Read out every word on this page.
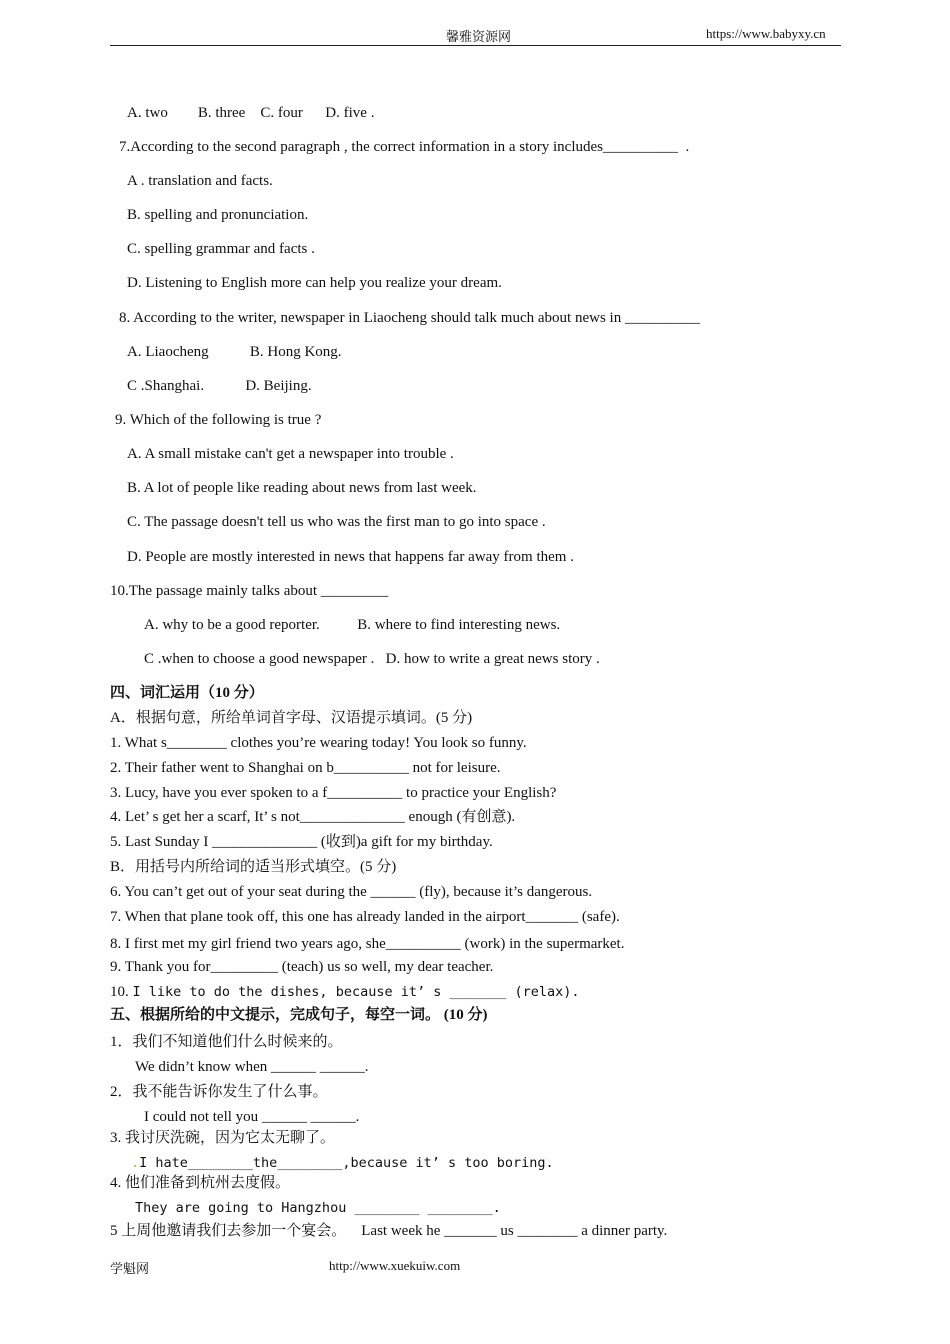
馨雅资源网	https://www.babyxy.cn
A. two        B. three    C. four      D. five .
7.According to the second paragraph , the correct information in a story includes__________  .
A . translation and facts.
B. spelling and pronunciation.
C. spelling grammar and facts .
D. Listening to English more can help you realize your dream.
8. According to the writer, newspaper in Liaocheng should talk much about news in __________
A. Liaocheng           B. Hong Kong.
C .Shanghai.           D. Beijing.
9. Which of the following is true ?
A. A small mistake can't get a newspaper into trouble .
B. A lot of people like reading about news from last week.
C. The passage doesn't tell us who was the first man to go into space .
D. People are mostly interested in news that happens far away from them .
10.The passage mainly talks about _________
A. why to be a good reporter.          B. where to find interesting news.
C .when to choose a good newspaper .   D. how to write a great news story .
四、词汇运用（10 分）
A．根据句意，所给单词首字母、汉语提示填词。(5 分)
1. What s________ clothes you’re wearing today! You look so funny.
2. Their father went to Shanghai on b__________ not for leisure.
3. Lucy, have you ever spoken to a f__________ to practice your English?
4. Let’ s get her a scarf, It’ s not______________ enough (有创意).
5. Last Sunday I ______________ (收到)a gift for my birthday.
B．用括号内所给词的适当形式填空。(5 分)
6. You can’t get out of your seat during the ______ (fly), because it’s dangerous.
7. When that plane took off, this one has already landed in the airport_______ (safe).
8. I first met my girl friend two years ago, she__________ (work) in the supermarket.
9. Thank you for_________ (teach) us so well, my dear teacher.
10. I like to do the dishes, because it’ s _______ (relax).
五、根据所给的中文提示，完成句子，每空一词。 (10 分)
1．我们不知道他们什么时候来的。
We didn’t know when ______ ______.
2．我不能告诉你发生了什么事。
I could not tell you ______ ______.
3. 我讨厌洗碗，因为它太无聊了。
.I hate________the________,because it’ s too boring.
4. 他们准备到杭州去度假。
They are going to Hangzhou ________ ________.
5 上周他邀请我们去参加一个宴会。    Last week he _______ us ________ a dinner party.
学魁网	http://www.xuekuiw.com
